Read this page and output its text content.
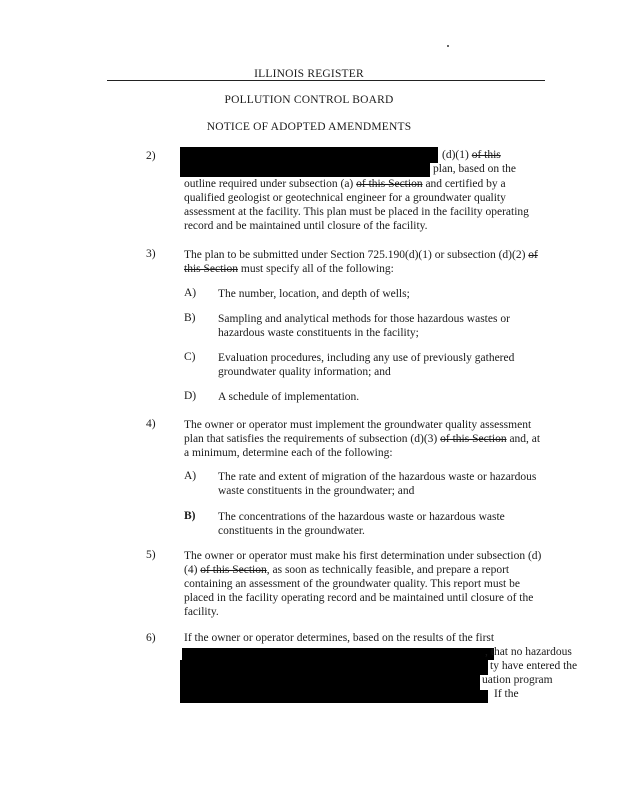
ILLINOIS REGISTER
POLLUTION CONTROL BOARD
NOTICE OF ADOPTED AMENDMENTS
2)	(d)(1) of this
plan, based on the
outline required under subsection (a) of this Section and certified by a qualified geologist or geotechnical engineer for a groundwater quality assessment at the facility. This plan must be placed in the facility operating record and be maintained until closure of the facility.
3) The plan to be submitted under Section 725.190(d)(1) or subsection (d)(2) of this Section must specify all of the following:
A) The number, location, and depth of wells;
B) Sampling and analytical methods for those hazardous wastes or hazardous waste constituents in the facility;
C) Evaluation procedures, including any use of previously gathered groundwater quality information; and
D) A schedule of implementation.
4) The owner or operator must implement the groundwater quality assessment plan that satisfies the requirements of subsection (d)(3) of this Section and, at a minimum, determine each of the following:
A) The rate and extent of migration of the hazardous waste or hazardous waste constituents in the groundwater; and
B) The concentrations of the hazardous waste or hazardous waste constituents in the groundwater.
5) The owner or operator must make his first determination under subsection (d)(4) of this Section, as soon as technically feasible, and prepare a report containing an assessment of the groundwater quality. This report must be placed in the facility operating record and be maintained until closure of the facility.
6) If the owner or operator determines, based on the results of the first
, that no hazardous
ty have entered the
uation program
If the
